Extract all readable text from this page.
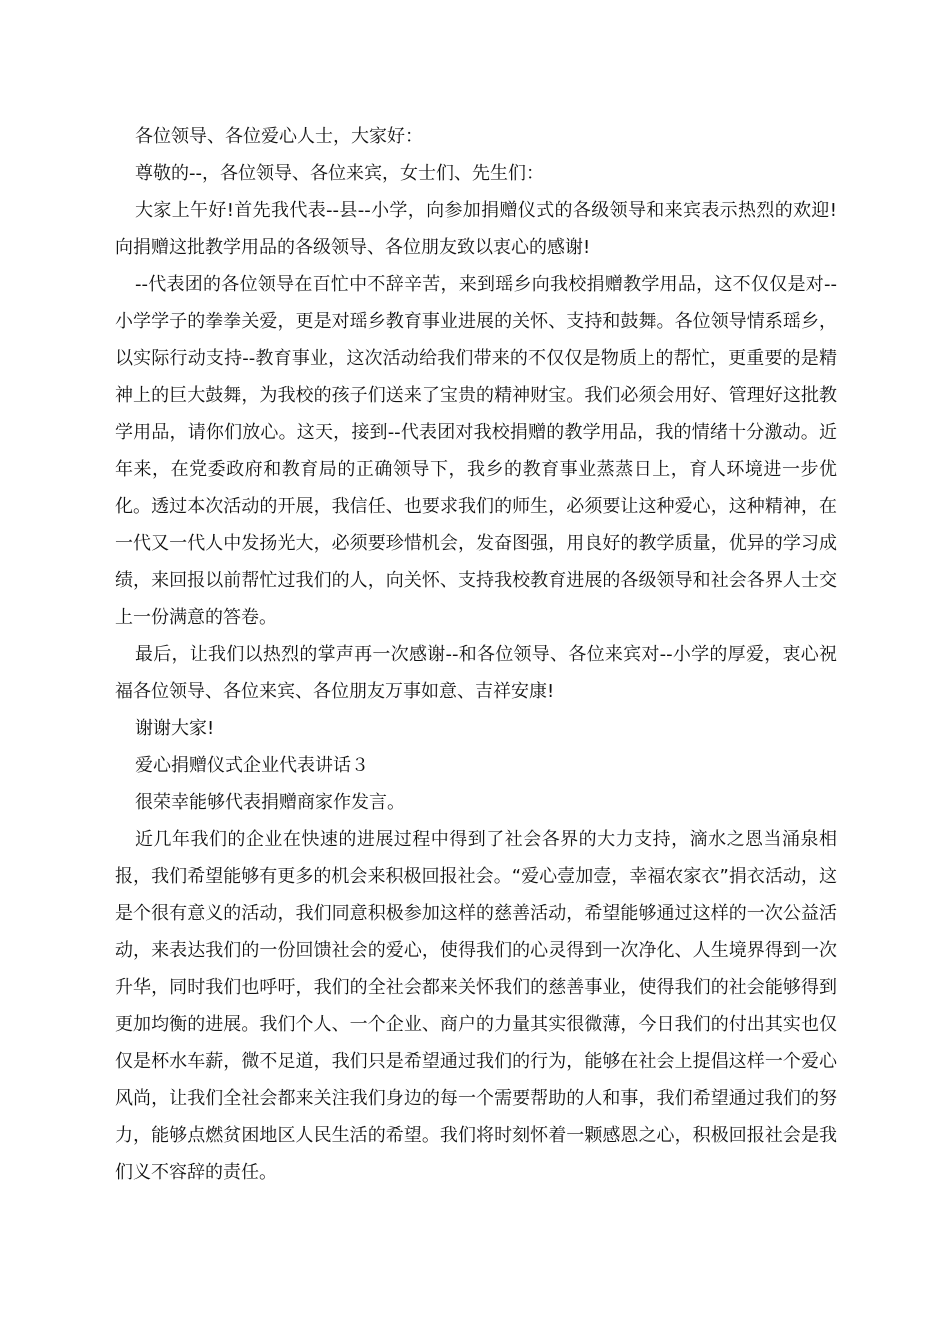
各位领导、各位爱心人士，大家好：

尊敬的--，各位领导、各位来宾，女士们、先生们：

大家上午好!首先我代表--县--小学，向参加捐赠仪式的各级领导和来宾表示热烈的欢迎!向捐赠这批教学用品的各级领导、各位朋友致以衷心的感谢!

--代表团的各位领导在百忙中不辞辛苦，来到瑶乡向我校捐赠教学用品，这不仅仅是对--小学学子的拳拳关爱，更是对瑶乡教育事业进展的关怀、支持和鼓舞。各位领导情系瑶乡，以实际行动支持--教育事业，这次活动给我们带来的不仅仅是物质上的帮忙，更重要的是精神上的巨大鼓舞，为我校的孩子们送来了宝贵的精神财宝。我们必须会用好、管理好这批教学用品，请你们放心。这天，接到--代表团对我校捐赠的教学用品，我的情绪十分激动。近年来，在党委政府和教育局的正确领导下，我乡的教育事业蒸蒸日上，育人环境进一步优化。透过本次活动的开展，我信任、也要求我们的师生，必须要让这种爱心，这种精神，在一代又一代人中发扬光大，必须要珍惜机会，发奋图强，用良好的教学质量，优异的学习成绩，来回报以前帮忙过我们的人，向关怀、支持我校教育进展的各级领导和社会各界人士交上一份满意的答卷。

最后，让我们以热烈的掌声再一次感谢--和各位领导、各位来宾对--小学的厚爱，衷心祝福各位领导、各位来宾、各位朋友万事如意、吉祥安康!

谢谢大家!

爱心捐赠仪式企业代表讲话３

很荣幸能够代表捐赠商家作发言。

近几年我们的企业在快速的进展过程中得到了社会各界的大力支持，滴水之恩当涌泉相报，我们希望能够有更多的机会来积极回报社会。“爱心壹加壹，幸福农家衣”捐衣活动，这是个很有意义的活动，我们同意积极参加这样的慈善活动，希望能够通过这样的一次公益活动，来表达我们的一份回馈社会的爱心，使得我们的心灵得到一次净化、人生境界得到一次升华，同时我们也呼吁，我们的全社会都来关怀我们的慈善事业，使得我们的社会能够得到更加均衡的进展。我们个人、一个企业、商户的力量其实很微薄，今日我们的付出其实也仅仅是杯水车薪，微不足道，我们只是希望通过我们的行为，能够在社会上提倡这样一个爱心风尚，让我们全社会都来关注我们身边的每一个需要帮助的人和事，我们希望通过我们的努力，能够点燃贫困地区人民生活的希望。我们将时刻怀着一颗感恩之心，积极回报社会是我们义不容辞的责任。
